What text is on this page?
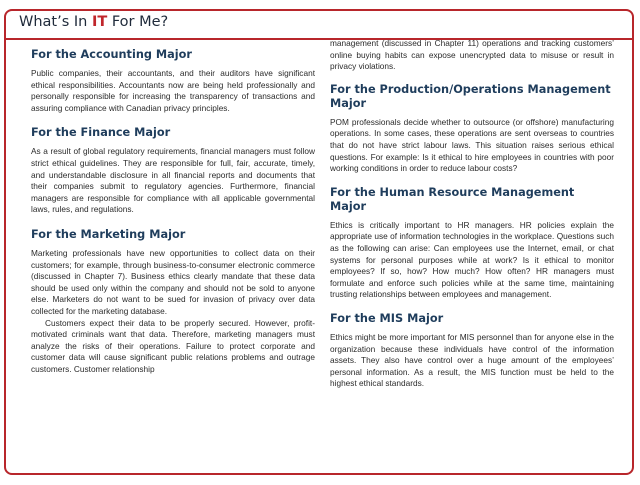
What’s In IT For Me?
For the Accounting Major

Public companies, their accountants, and their auditors have significant ethical responsibilities. Accountants now are being held professionally and personally responsible for increasing the transparency of transactions and assuring compliance with Canadian privacy principles.

For the Finance Major

As a result of global regulatory requirements, financial managers must follow strict ethical guidelines. They are responsible for full, fair, accurate, timely, and understandable disclosure in all financial reports and documents that their companies submit to regulatory agencies. Furthermore, financial managers are responsible for compliance with all applicable governmental laws, rules, and regulations.

For the Marketing Major

Marketing professionals have new opportunities to collect data on their customers; for example, through business-to-consumer electronic commerce (discussed in Chapter 7). Business ethics clearly mandate that these data should be used only within the company and should not be sold to anyone else. Marketers do not want to be sued for invasion of privacy over data collected for the marketing database.

Customers expect their data to be properly secured. However, profit-motivated criminals want that data. Therefore, marketing managers must analyze the risks of their operations. Failure to protect corporate and customer data will cause significant public relations problems and outrage customers. Customer relationship

management (discussed in Chapter 11) operations and tracking customers’ online buying habits can expose unencrypted data to misuse or result in privacy violations.

For the Production/Operations Management Major

POM professionals decide whether to outsource (or offshore) manufacturing operations. In some cases, these operations are sent overseas to countries that do not have strict labour laws. This situation raises serious ethical questions. For example: Is it ethical to hire employees in countries with poor working conditions in order to reduce labour costs?

For the Human Resource Management Major

Ethics is critically important to HR managers. HR policies explain the appropriate use of information technologies in the workplace. Questions such as the following can arise: Can employees use the Internet, email, or chat systems for personal purposes while at work? Is it ethical to monitor employees? If so, how? How much? How often? HR managers must formulate and enforce such policies while at the same time, maintaining trusting relationships between employees and management.

For the MIS Major

Ethics might be more important for MIS personnel than for anyone else in the organization because these individuals have control of the information assets. They also have control over a huge amount of the employees’ personal information. As a result, the MIS function must be held to the highest ethical standards.
